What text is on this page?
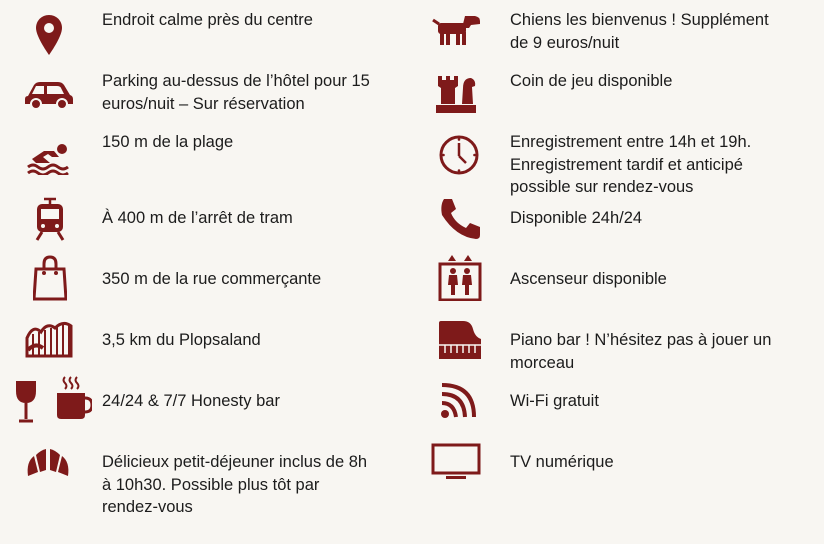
Endroit calme près du centre
Parking au-dessus de l’hôtel pour 15
euros/nuit – Sur réservation
150 m de la plage
À 400 m de l’arrêt de tram
350 m de la rue commerçante
3,5 km du Plopsaland
24/24 & 7/7 Honesty bar
Délicieux petit-déjeuner inclus de 8h
à 10h30. Possible plus tôt par
rendez-vous
Chiens les bienvenus ! Supplément
de 9 euros/nuit
Coin de jeu disponible
Enregistrement entre 14h et 19h.
Enregistrement tardif et anticipé
possible sur rendez-vous
Disponible 24h/24
Ascenseur disponible
Piano bar ! N’hésitez pas à jouer un
morceau
Wi-Fi gratuit
TV numérique
